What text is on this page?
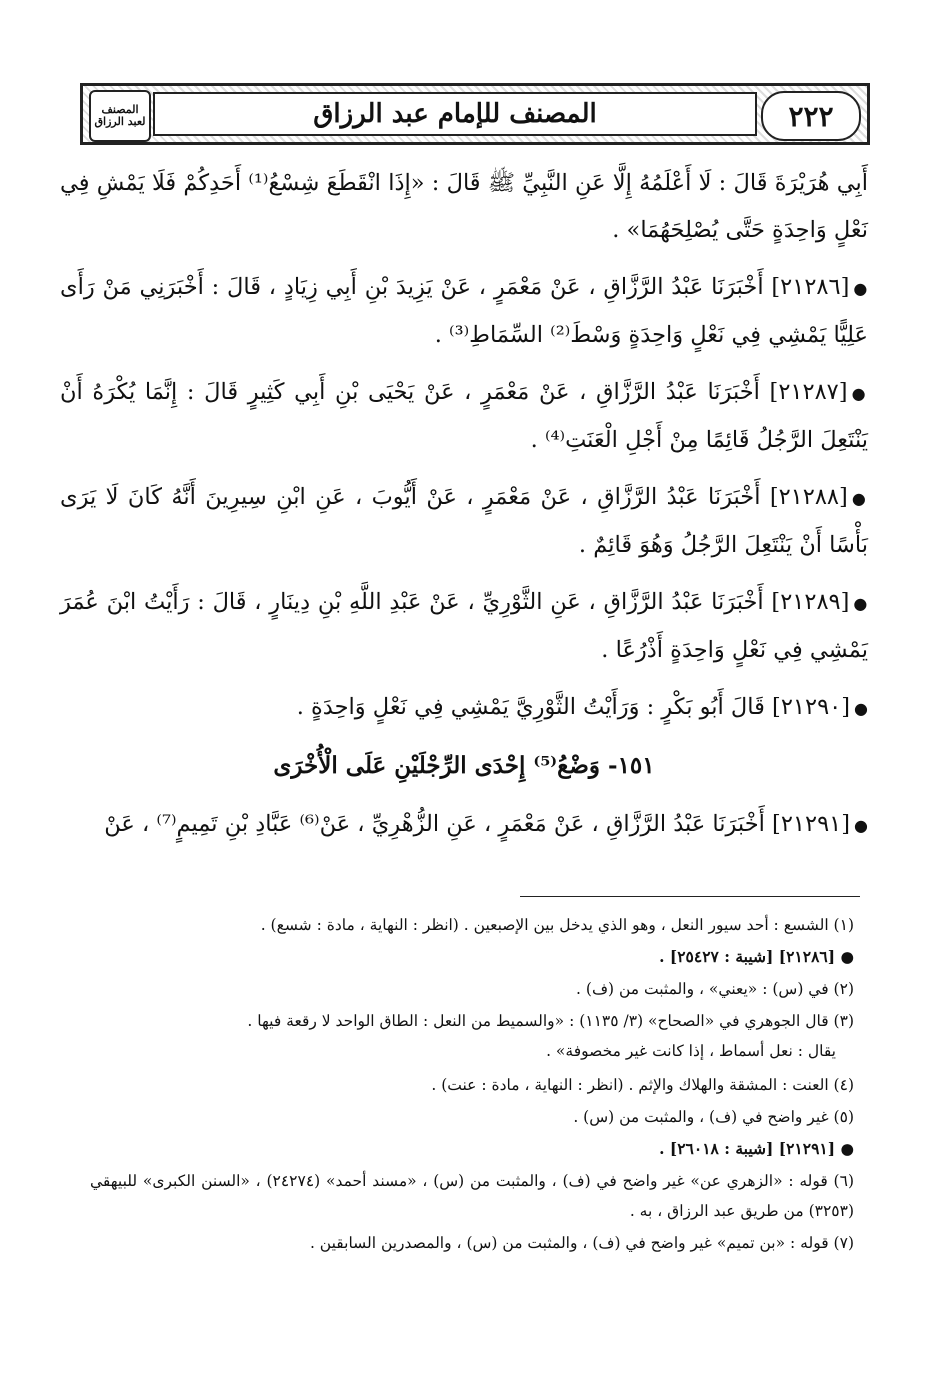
٢٢٢
المصنف للإمام عبد الرزاق
المصنف لعبد الرزاق

أَبِي هُرَيْرَةَ قَالَ : لَا أَعْلَمُهُ إِلَّا عَنِ النَّبِيِّ ﷺ قَالَ : «إِذَا انْقَطَعَ شِسْعُ⁽¹⁾ أَحَدِكُمْ فَلَا يَمْشِ فِي نَعْلٍ وَاحِدَةٍ حَتَّى يُصْلِحَهُمَا» .

●[٢١٢٨٦] أَخْبَرَنَا عَبْدُ الرَّزَّاقِ ، عَنْ مَعْمَرٍ ، عَنْ يَزِيدَ بْنِ أَبِي زِيَادٍ ، قَالَ : أَخْبَرَنِي مَنْ رَأَى عَلِيًّا يَمْشِي فِي نَعْلٍ وَاحِدَةٍ وَسْطَ⁽²⁾ السِّمَاطِ⁽³⁾ .

●[٢١٢٨٧] أَخْبَرَنَا عَبْدُ الرَّزَّاقِ ، عَنْ مَعْمَرٍ ، عَنْ يَحْيَى بْنِ أَبِي كَثِيرٍ قَالَ : إِنَّمَا يُكْرَهُ أَنْ يَنْتَعِلَ الرَّجُلُ قَائِمًا مِنْ أَجْلِ الْعَنَتِ⁽⁴⁾ .

●[٢١٢٨٨] أَخْبَرَنَا عَبْدُ الرَّزَّاقِ ، عَنْ مَعْمَرٍ ، عَنْ أَيُّوبَ ، عَنِ ابْنِ سِيرِينَ أَنَّهُ كَانَ لَا يَرَى بَأْسًا أَنْ يَنْتَعِلَ الرَّجُلُ وَهُوَ قَائِمٌ .

●[٢١٢٨٩] أَخْبَرَنَا عَبْدُ الرَّزَّاقِ ، عَنِ الثَّوْرِيِّ ، عَنْ عَبْدِ اللَّهِ بْنِ دِينَارٍ ، قَالَ : رَأَيْتُ ابْنَ عُمَرَ يَمْشِي فِي نَعْلٍ وَاحِدَةٍ أَذْرُعًا .

●[٢١٢٩٠] قَالَ أَبُو بَكْرٍ : وَرَأَيْتُ الثَّوْرِيَّ يَمْشِي فِي نَعْلٍ وَاحِدَةٍ .

١٥١- وَضْعُ⁽⁵⁾ إِحْدَى الرِّجْلَيْنِ عَلَى الْأُخْرَى

●[٢١٢٩١] أَخْبَرَنَا عَبْدُ الرَّزَّاقِ ، عَنْ مَعْمَرٍ ، عَنِ الزُّهْرِيِّ ، عَنْ⁽⁶⁾ عَبَّادِ بْنِ تَمِيمٍ⁽⁷⁾ ، عَنْ

(١) الشسع : أحد سيور النعل ، وهو الذي يدخل بين الإصبعين . (انظر : النهاية ، مادة : شسع) .

● [٢١٢٨٦] [شيبة : ٢٥٤٢٧] .

(٢) في (س) : «يعني» ، والمثبت من (ف) .

(٣) قال الجوهري في «الصحاح» (٣/ ١١٣٥) : «والسميط من النعل : الطاق الواحد لا رقعة فيها .

يقال : نعل أسماط ، إذا كانت غير مخصوفة» .

(٤) العنت : المشقة والهلاك والإثم . (انظر : النهاية ، مادة : عنت) .

(٥) غير واضح في (ف) ، والمثبت من (س) .

● [٢١٢٩١] [شيبة : ٢٦٠١٨] .

(٦) قوله : «الزهري عن» غير واضح في (ف) ، والمثبت من (س) ، «مسند أحمد» (٢٤٢٧٤) ، «السنن الكبرى» للبيهقي (٣٢٥٣) من طريق عبد الرزاق ، به .

(٧) قوله : «بن تميم» غير واضح في (ف) ، والمثبت من (س) ، والمصدرين السابقين .
